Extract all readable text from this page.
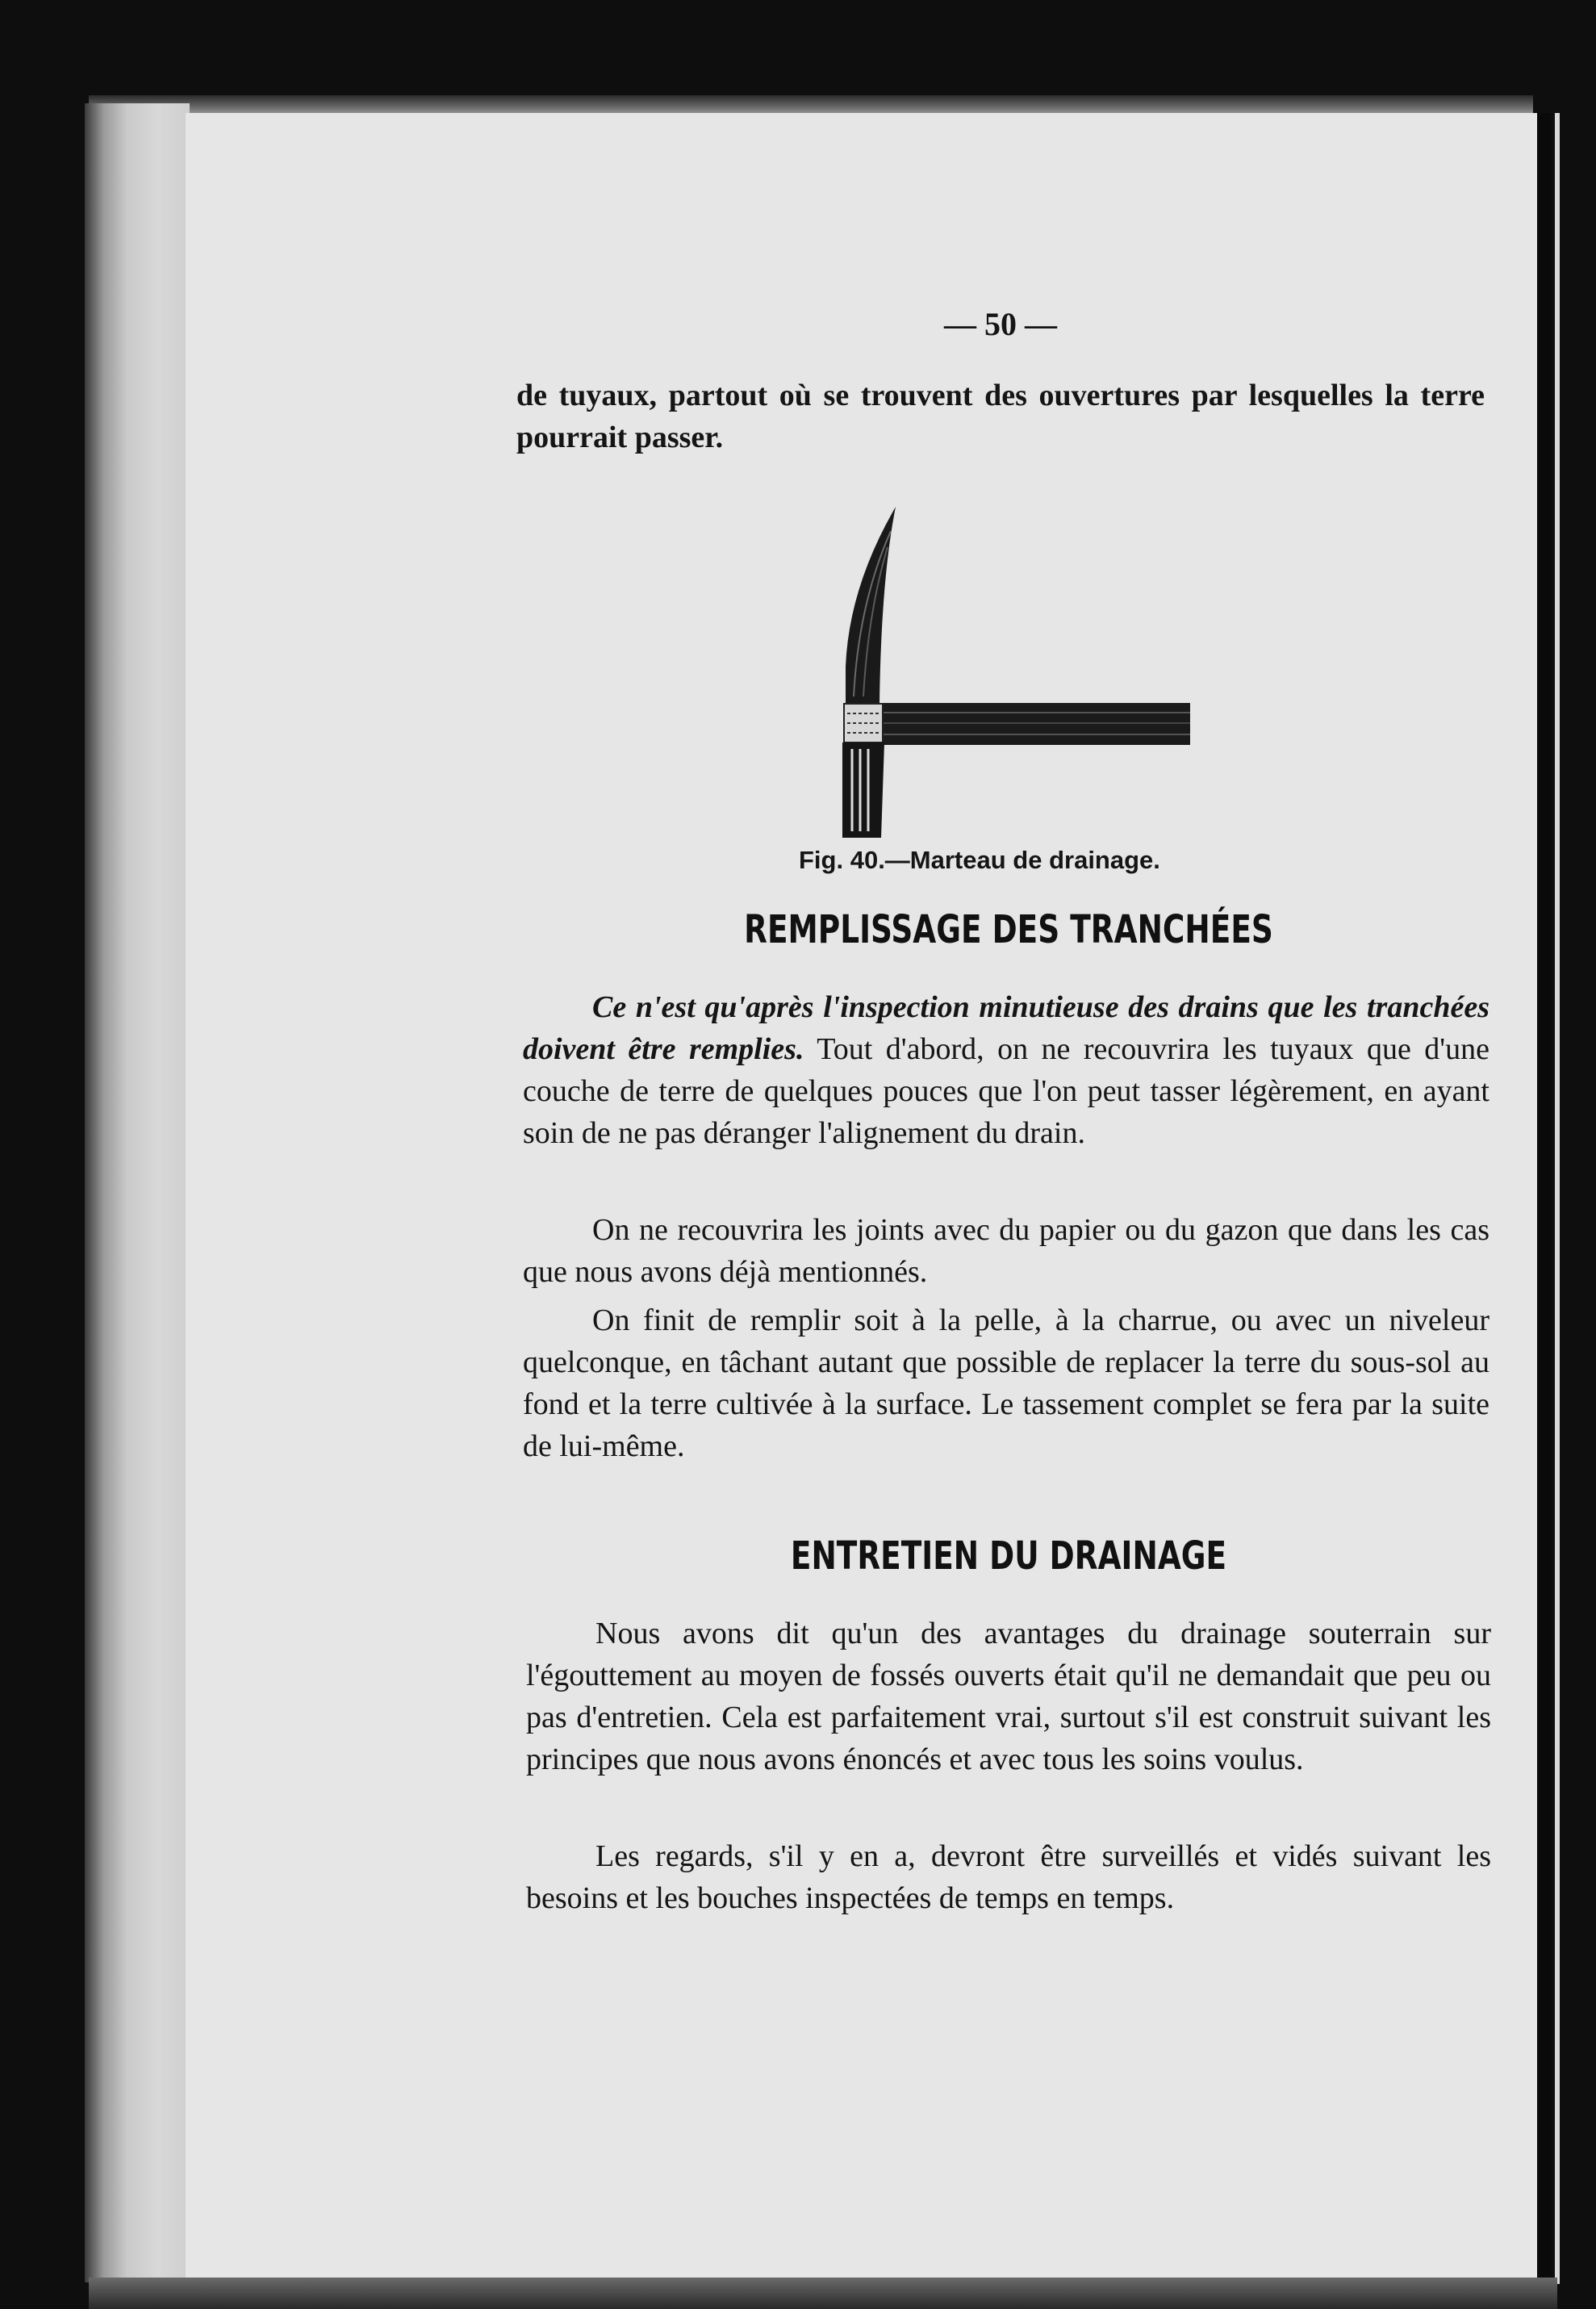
— 50 —
de tuyaux, partout où se trouvent des ouvertures par lesquelles la terre pourrait passer.
Fig. 40.—Marteau de drainage.
REMPLISSAGE DES TRANCHÉES
Ce n'est qu'après l'inspection minutieuse des drains que les tranchées doivent être remplies. Tout d'abord, on ne recouvrira les tuyaux que d'une couche de terre de quelques pouces que l'on peut tasser légèrement, en ayant soin de ne pas déranger l'alignement du drain.
On ne recouvrira les joints avec du papier ou du gazon que dans les cas que nous avons déjà mentionnés.
On finit de remplir soit à la pelle, à la charrue, ou avec un niveleur quelconque, en tâchant autant que possible de replacer la terre du sous-sol au fond et la terre cultivée à la surface. Le tassement complet se fera par la suite de lui-même.
ENTRETIEN DU DRAINAGE
Nous avons dit qu'un des avantages du drainage souterrain sur l'égouttement au moyen de fossés ouverts était qu'il ne demandait que peu ou pas d'entretien. Cela est parfaitement vrai, surtout s'il est construit suivant les principes que nous avons énoncés et avec tous les soins voulus.
Les regards, s'il y en a, devront être surveillés et vidés suivant les besoins et les bouches inspectées de temps en temps.
